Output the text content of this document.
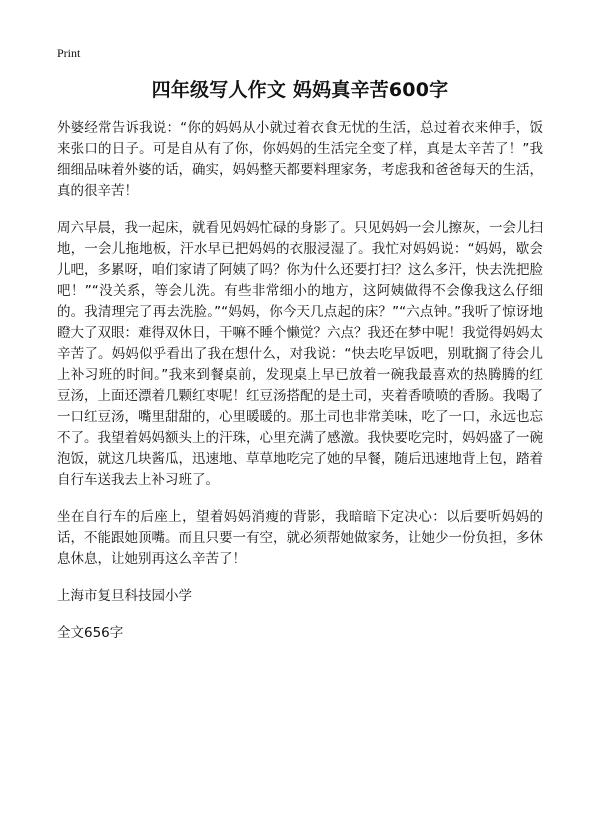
Print
四年级写人作文 妈妈真辛苦600字

外婆经常告诉我说：“你的妈妈从小就过着衣食无忧的生活，总过着衣来伸手，饭来张口的日子。可是自从有了你，你妈妈的生活完全变了样，真是太辛苦了！”我细细品味着外婆的话，确实，妈妈整天都要料理家务，考虑我和爸爸每天的生活，真的很辛苦！

周六早晨，我一起床，就看见妈妈忙碌的身影了。只见妈妈一会儿擦灰，一会儿扫地，一会儿拖地板，汗水早已把妈妈的衣服浸湿了。我忙对妈妈说：“妈妈，歇会儿吧，多累呀，咱们家请了阿姨了吗？你为什么还要打扫？这么多汗，快去洗把脸吧！”“没关系，等会儿洗。有些非常细小的地方，这阿姨做得不会像我这么仔细的。我清理完了再去洗脸。”“妈妈，你今天几点起的床？”“六点钟。”我听了惊讶地瞪大了双眼：难得双休日，干嘛不睡个懒觉？六点？我还在梦中呢！我觉得妈妈太辛苦了。妈妈似乎看出了我在想什么，对我说：“快去吃早饭吧，别耽搁了待会儿上补习班的时间。”我来到餐桌前，发现桌上早已放着一碗我最喜欢的热腾腾的红豆汤，上面还漂着几颗红枣呢！红豆汤搭配的是土司，夹着香喷喷的香肠。我喝了一口红豆汤，嘴里甜甜的，心里暖暖的。那土司也非常美味，吃了一口，永远也忘不了。我望着妈妈额头上的汗珠，心里充满了感激。我快要吃完时，妈妈盛了一碗泡饭，就这几块酱瓜，迅速地、草草地吃完了她的早餐，随后迅速地背上包，踏着自行车送我去上补习班了。

坐在自行车的后座上，望着妈妈消瘦的背影，我暗暗下定决心：以后要听妈妈的话，不能跟她顶嘴。而且只要一有空，就必须帮她做家务，让她少一份负担，多休息休息，让她别再这么辛苦了！

上海市复旦科技园小学

全文656字
